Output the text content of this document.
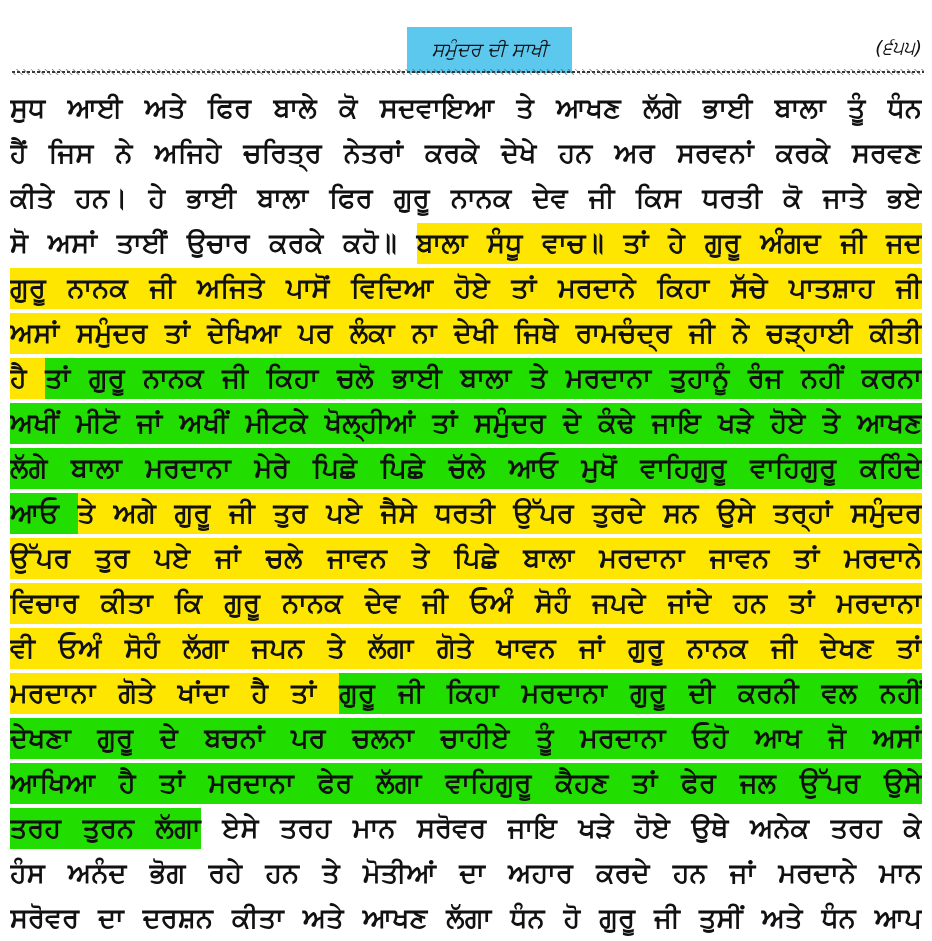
ਸਮੁੰਦਰ ਦੀ ਸਾਖੀ	(੬੫੫)
ਸੁਧ ਆਈ ਅਤੇ ਫਿਰ ਬਾਲੇ ਕੋ ਸਦਵਾਇਆ ਤੇ ਆਖਣ ਲੱਗੇ ਭਾਈ ਬਾਲਾ ਤੂੰ ਧੰਨ
ਹੈਂ ਜਿਸ ਨੇ ਅਜਿਹੇ ਚਰਿਤ੍ਰ ਨੇਤਰਾਂ ਕਰਕੇ ਦੇਖੇ ਹਨ ਅਰ ਸਰਵਨਾਂ ਕਰਕੇ ਸਰਵਣ
ਕੀਤੇ ਹਨ। ਹੇ ਭਾਈ ਬਾਲਾ ਫਿਰ ਗੁਰੂ ਨਾਨਕ ਦੇਵ ਜੀ ਕਿਸ ਧਰਤੀ ਕੋ ਜਾਤੇ ਭਏ
ਸੋ ਅਸਾਂ ਤਾਈਂ ਉਚਾਰ ਕਰਕੇ ਕਹੋ॥ ਬਾਲਾ ਸੰਧੂ ਵਾਚ॥ ਤਾਂ ਹੇ ਗੁਰੂ ਅੰਗਦ ਜੀ ਜਦ
ਗੁਰੂ ਨਾਨਕ ਜੀ ਅਜਿਤੇ ਪਾਸੋਂ ਵਿਦਿਆ ਹੋਏ ਤਾਂ ਮਰਦਾਨੇ ਕਿਹਾ ਸੱਚੇ ਪਾਤਸ਼ਾਹ ਜੀ
ਅਸਾਂ ਸਮੁੰਦਰ ਤਾਂ ਦੇਖਿਆ ਪਰ ਲੰਕਾ ਨਾ ਦੇਖੀ ਜਿਥੇ ਰਾਮਚੰਦ੍ਰ ਜੀ ਨੇ ਚੜ੍ਹਾਈ ਕੀਤੀ
ਹੈ ਤਾਂ ਗੁਰੂ ਨਾਨਕ ਜੀ ਕਿਹਾ ਚਲੋ ਭਾਈ ਬਾਲਾ ਤੇ ਮਰਦਾਨਾ ਤੁਹਾਨੂੰ ਰੰਜ ਨਹੀਂ ਕਰਨਾ
ਅਖੀਂ ਮੀਟੋ ਜਾਂ ਅਖੀਂ ਮੀਟਕੇ ਖੋਲ੍ਹੀਆਂ ਤਾਂ ਸਮੁੰਦਰ ਦੇ ਕੰਢੇ ਜਾਇ ਖੜੇ ਹੋਏ ਤੇ ਆਖਣ
ਲੱਗੇ ਬਾਲਾ ਮਰਦਾਨਾ ਮੇਰੇ ਪਿਛੇ ਪਿਛੇ ਚੱਲੇ ਆਓ ਮੁਖੋਂ ਵਾਹਿਗੁਰੂ ਵਾਹਿਗੁਰੂ ਕਹਿੰਦੇ
ਆਓ ਤੇ ਅਗੇ ਗੁਰੂ ਜੀ ਤੁਰ ਪਏ ਜੈਸੇ ਧਰਤੀ ਉੱਪਰ ਤੁਰਦੇ ਸਨ ਉਸੇ ਤਰ੍ਹਾਂ ਸਮੁੰਦਰ
ਉੱਪਰ ਤੁਰ ਪਏ ਜਾਂ ਚਲੇ ਜਾਵਨ ਤੇ ਪਿਛੇ ਬਾਲਾ ਮਰਦਾਨਾ ਜਾਵਨ ਤਾਂ ਮਰਦਾਨੇ
ਵਿਚਾਰ ਕੀਤਾ ਕਿ ਗੁਰੂ ਨਾਨਕ ਦੇਵ ਜੀ ਓਅੰ ਸੋਹੰ ਜਪਦੇ ਜਾਂਦੇ ਹਨ ਤਾਂ ਮਰਦਾਨਾ
ਵੀ ਓਅੰ ਸੋਹੰ ਲੱਗਾ ਜਪਨ ਤੇ ਲੱਗਾ ਗੋਤੇ ਖਾਵਨ ਜਾਂ ਗੁਰੂ ਨਾਨਕ ਜੀ ਦੇਖਣ ਤਾਂ
ਮਰਦਾਨਾ ਗੋਤੇ ਖਾਂਦਾ ਹੈ ਤਾਂ ਗੁਰੂ ਜੀ ਕਿਹਾ ਮਰਦਾਨਾ ਗੁਰੂ ਦੀ ਕਰਨੀ ਵਲ ਨਹੀਂ
ਦੇਖਣਾ ਗੁਰੂ ਦੇ ਬਚਨਾਂ ਪਰ ਚਲਨਾ ਚਾਹੀਏ ਤੂੰ ਮਰਦਾਨਾ ਓਹੋ ਆਖ ਜੋ ਅਸਾਂ
ਆਖਿਆ ਹੈ ਤਾਂ ਮਰਦਾਨਾ ਫੇਰ ਲੱਗਾ ਵਾਹਿਗੁਰੂ ਕੈਹਣ ਤਾਂ ਫੇਰ ਜਲ ਉੱਪਰ ਉਸੇ
ਤਰਹ ਤੁਰਨ ਲੱਗਾ ਏਸੇ ਤਰਹ ਮਾਨ ਸਰੋਵਰ ਜਾਇ ਖੜੇ ਹੋਏ ਉਥੇ ਅਨੇਕ ਤਰਹ ਕੇ
ਹੰਸ ਅਨੰਦ ਭੋਗ ਰਹੇ ਹਨ ਤੇ ਮੋਤੀਆਂ ਦਾ ਅਹਾਰ ਕਰਦੇ ਹਨ ਜਾਂ ਮਰਦਾਨੇ ਮਾਨ
ਸਰੋਵਰ ਦਾ ਦਰਸ਼ਨ ਕੀਤਾ ਅਤੇ ਆਖਣ ਲੱਗਾ ਧੰਨ ਹੋ ਗੁਰੂ ਜੀ ਤੁਸੀਂ ਅਤੇ ਧੰਨ ਆਪ
